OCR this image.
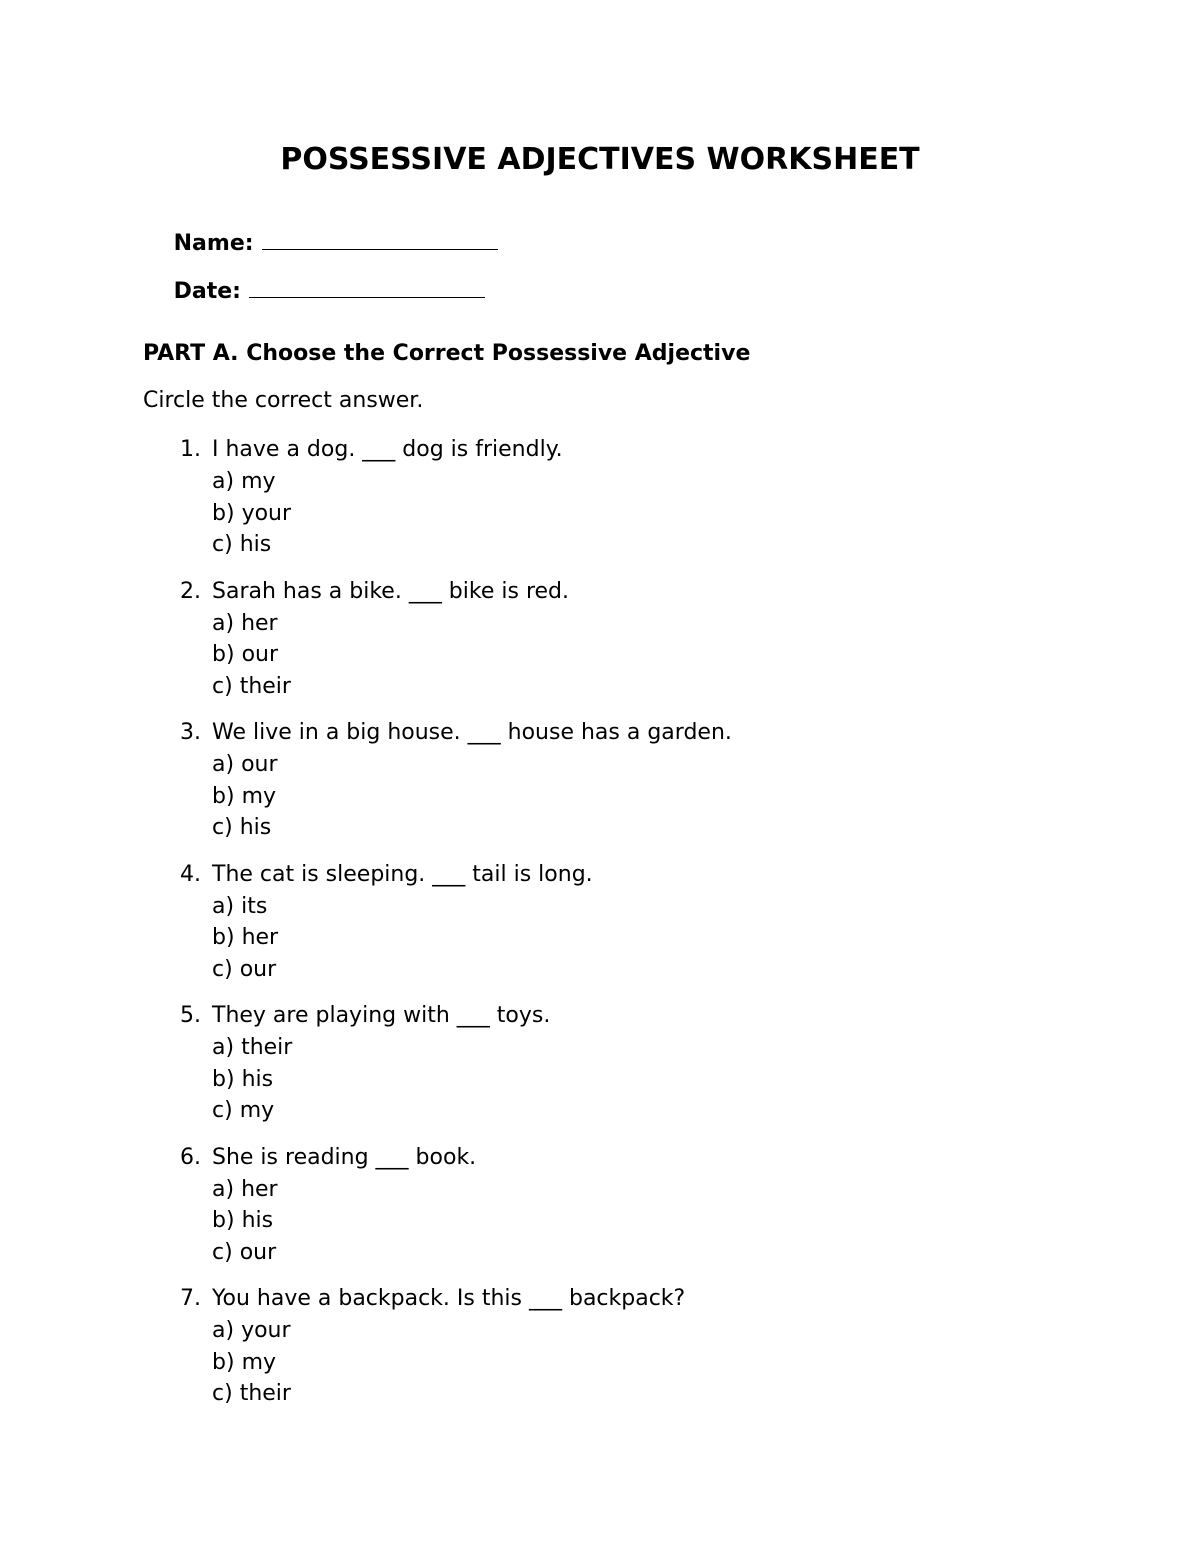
POSSESSIVE ADJECTIVES WORKSHEET

Name:

Date:

PART A. Choose the Correct Possessive Adjective
Circle the correct answer.
1. I have a dog. ___ dog is friendly.
a) my
b) your
c) his
2. Sarah has a bike. ___ bike is red.
a) her
b) our
c) their
3. We live in a big house. ___ house has a garden.
a) our
b) my
c) his
4. The cat is sleeping. ___ tail is long.
a) its
b) her
c) our
5. They are playing with ___ toys.
a) their
b) his
c) my
6. She is reading ___ book.
a) her
b) his
c) our
7. You have a backpack. Is this ___ backpack?
a) your
b) my
c) their
